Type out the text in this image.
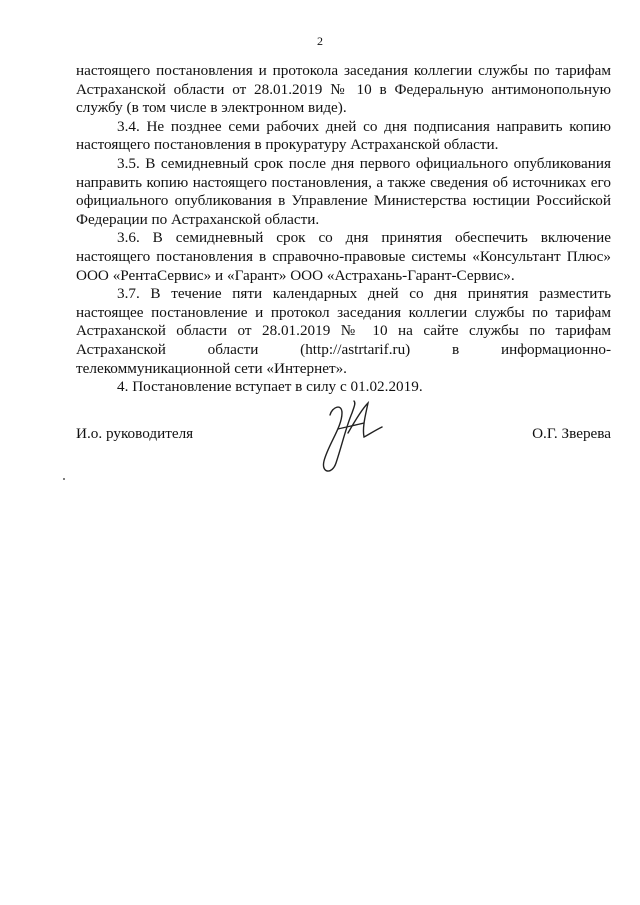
2

настоящего постановления и протокола заседания коллегии службы по тарифам Астраханской области от 28.01.2019 № 10 в Федеральную антимонопольную службу (в том числе в электронном виде).

3.4. Не позднее семи рабочих дней со дня подписания направить копию настоящего постановления в прокуратуру Астраханской области.

3.5. В семидневный срок после дня первого официального опубликования направить копию настоящего постановления, а также сведения об источниках его официального опубликования в Управление Министерства юстиции Российской Федерации по Астраханской области.

3.6. В семидневный срок со дня принятия обеспечить включение настоящего постановления в справочно-правовые системы «Консультант Плюс» ООО «РентаСервис» и «Гарант» ООО «Астрахань-Гарант-Сервис».

3.7. В течение пяти календарных дней со дня принятия разместить настоящее постановление и протокол заседания коллегии службы по тарифам Астраханской области от 28.01.2019 № 10 на сайте службы по тарифам Астраханской области (http://astrtarif.ru) в информационно-телекоммуникационной сети «Интернет».

4. Постановление вступает в силу с 01.02.2019.

И.о. руководителя	О.Г. Зверева
